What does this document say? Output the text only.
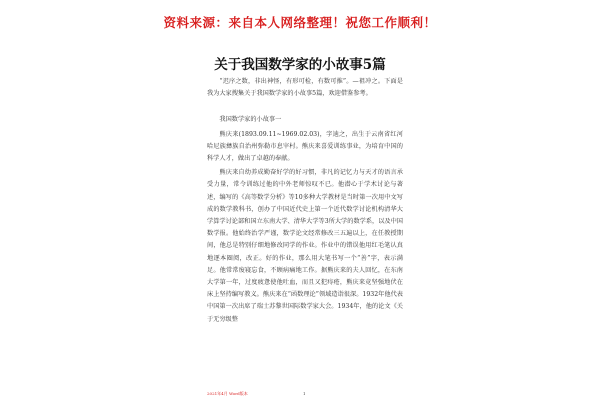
资料来源：来自本人网络整理！祝您工作顺利！
关于我国数学家的小故事5篇

“迟序之数，非出神怪，有形可检，有数可推”。—祖冲之。下面是我为大家搜集关于我国数学家的小故事5篇，欢迎借鉴参考。

我国数学家的小故事一

熊庆来(1893.09.11~1969.02.03)，字迪之，出生于云南省红河哈尼族彝族自治州弥勒市息宰村。熊庆来喜爱训练事业，为培育中国的科学人才，做出了卓越的奉献。

熊庆来自幼养成勤奋好学的好习惯，非凡的记忆力与天才的语言承受力量，常令训练过他的中外老师惊叹不已。他潜心于学术讨论与著述，编写的《高等数学分析》等10多种大学教材是当时第一次用中文写成的数学教科书，创办了中国近代史上第一个近代数学讨论机构清华大学算学讨论部和国立东南大学、清华大学等3所大学的数学系，以及中国数学报。他始终治学严谨，数学论文经常修改三五遍以上，在任教授期间，他总是特别仔细地修改同学的作业。作业中的错误他用红毛笔认真地逐本圈阅，改正。好的作业，那么用大笔书写一个“善”字，表示满足。他常常废寝忘食，不顾病痛地工作。据熊庆来的夫人回忆，在东南大学第一年，过度疲惫使他吐血，而且又犯痔疮，熊庆来竟坚强地伏在床上坚持编写教义。熊庆来在“函数理论”领域造诣很深。1932年他代表中国第一次出席了瑞士苏黎世国际数学家大会。1934年，他的论文《关于无穷级整

2021年4月 Word版本	1
